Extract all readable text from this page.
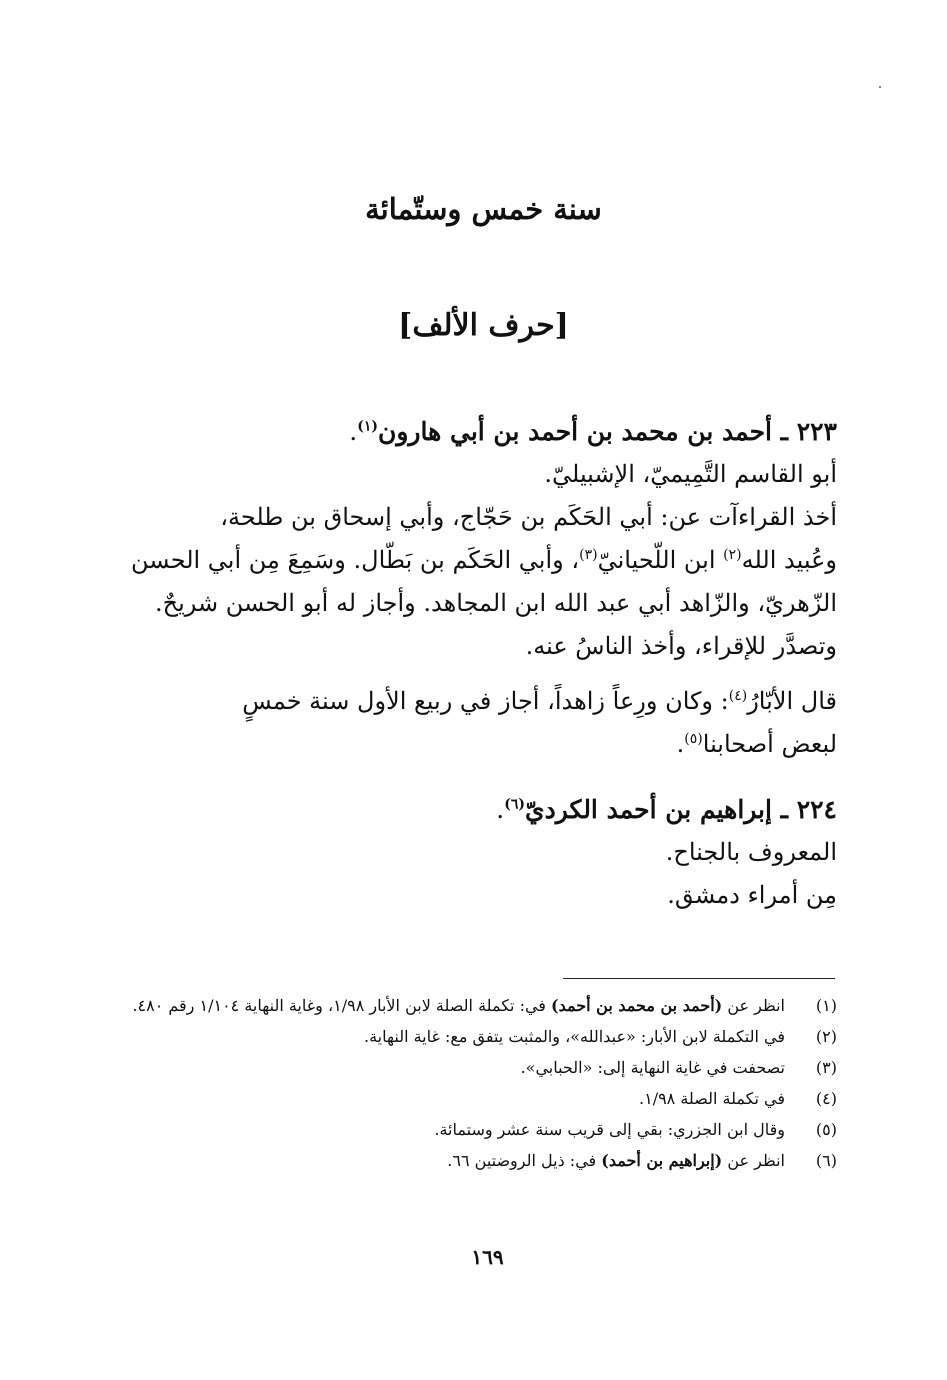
سنة خمس وستّمائة
[حرف الألف]
٢٢٣ ـ أحمد بن محمد بن أحمد بن أبي هارون$^{(١)}$.
أبو القاسم التَّمِيميّ، الإشبيليّ.
أخذ القراءآت عن: أبي الحَكَم بن حَجّاج، وأبي إسحاق بن طلحة،
وعُبيد الله$^{(٢)}$ ابن اللّحيانيّ$^{(٣)}$، وأبي الحَكَم بن بَطّال. وسَمِعَ مِن أبي الحسن
الزّهريّ، والزّاهد أبي عبد الله ابن المجاهد. وأجاز له أبو الحسن شريحٌ.
وتصدَّر للإقراء، وأخذ الناسُ عنه.
قال الأبّارُ$^{(٤)}$: وكان ورِعاً زاهداً، أجاز في ربيع الأول سنة خمسٍ
لبعض أصحابنا$^{(٥)}$.
٢٢٤ ـ إبراهيم بن أحمد الكرديّ$^{(٦)}$.
المعروف بالجناح.
مِن أمراء دمشق.
(١)
انظر عن (أحمد بن محمد بن أحمد) في: تكملة الصلة لابن الأبار ١/٩٨، وغاية النهاية ١/١٠٤ رقم ٤٨٠.
(٢)
في التكملة لابن الأبار: «عبدالله»، والمثبت يتفق مع: غاية النهاية.
(٣)
تصحفت في غاية النهاية إلى: «الحبابي».
(٤)
في تكملة الصلة ١/٩٨.
(٥)
وقال ابن الجزري: بقي إلى قريب سنة عشر وستمائة.
(٦)
انظر عن (إبراهيم بن أحمد) في: ذيل الروضتين ٦٦.
١٦٩
